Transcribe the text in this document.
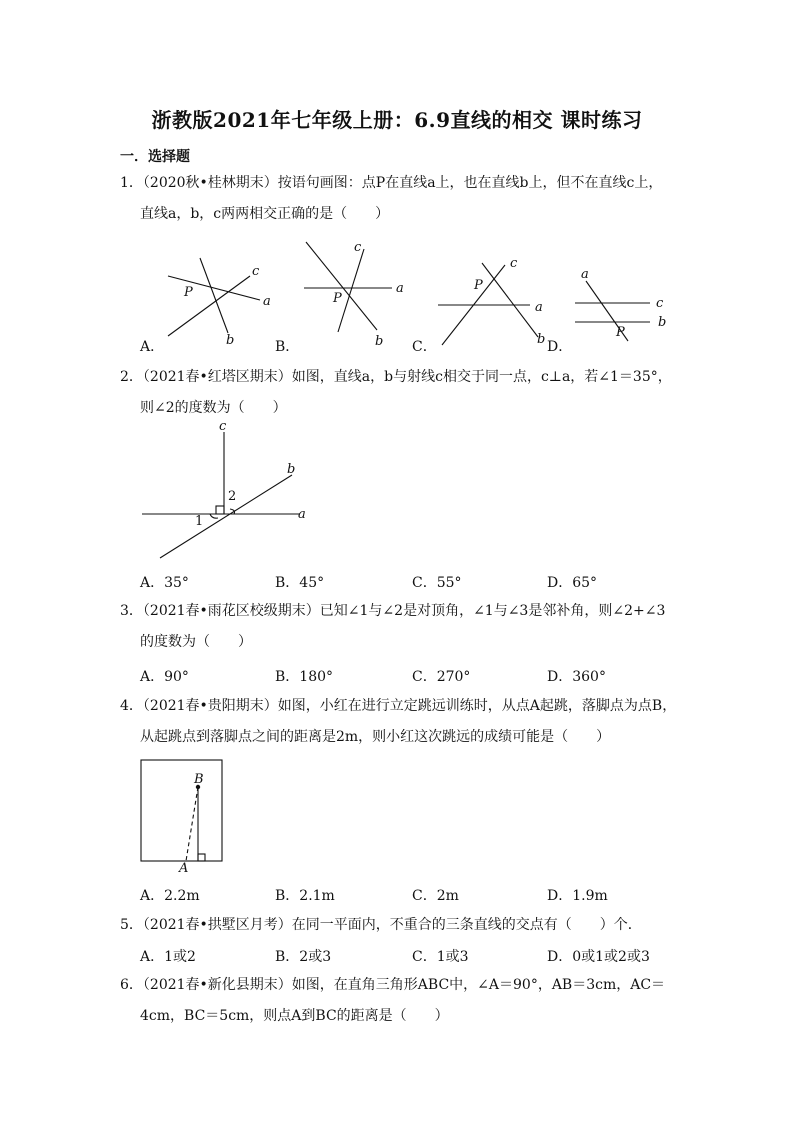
浙教版2021年七年级上册：6.9直线的相交 课时练习
一．选择题
1．（2020秋•桂林期末）按语句画图：点P在直线a上，也在直线b上，但不在直线c上，
直线a，b，c两两相交正确的是（　　）
P
c
a
b
c
a
P
b
P
c
a
b
a
c
b
P
A．	B．	C．	D．
2．（2021春•红塔区期末）如图，直线a，b与射线c相交于同一点，c⊥a，若∠1＝35°，
则∠2的度数为（　　）
c
b
a
2
1
A．35°	B．45°	C．55°	D．65°
3．（2021春•雨花区校级期末）已知∠1与∠2是对顶角，∠1与∠3是邻补角，则∠2+∠3
的度数为（　　）
A．90°	B．180°	C．270°	D．360°
4．（2021春•贵阳期末）如图，小红在进行立定跳远训练时，从点A起跳，落脚点为点B，
从起跳点到落脚点之间的距离是2m，则小红这次跳远的成绩可能是（　　）
B
A
A．2.2m	B．2.1m	C．2m	D．1.9m
5．（2021春•拱墅区月考）在同一平面内，不重合的三条直线的交点有（　　）个．
A．1或2	B．2或3	C．1或3	D．0或1或2或3
6．（2021春•新化县期末）如图，在直角三角形ABC中，∠A＝90°，AB＝3cm，AC＝
4cm，BC＝5cm，则点A到BC的距离是（　　）
